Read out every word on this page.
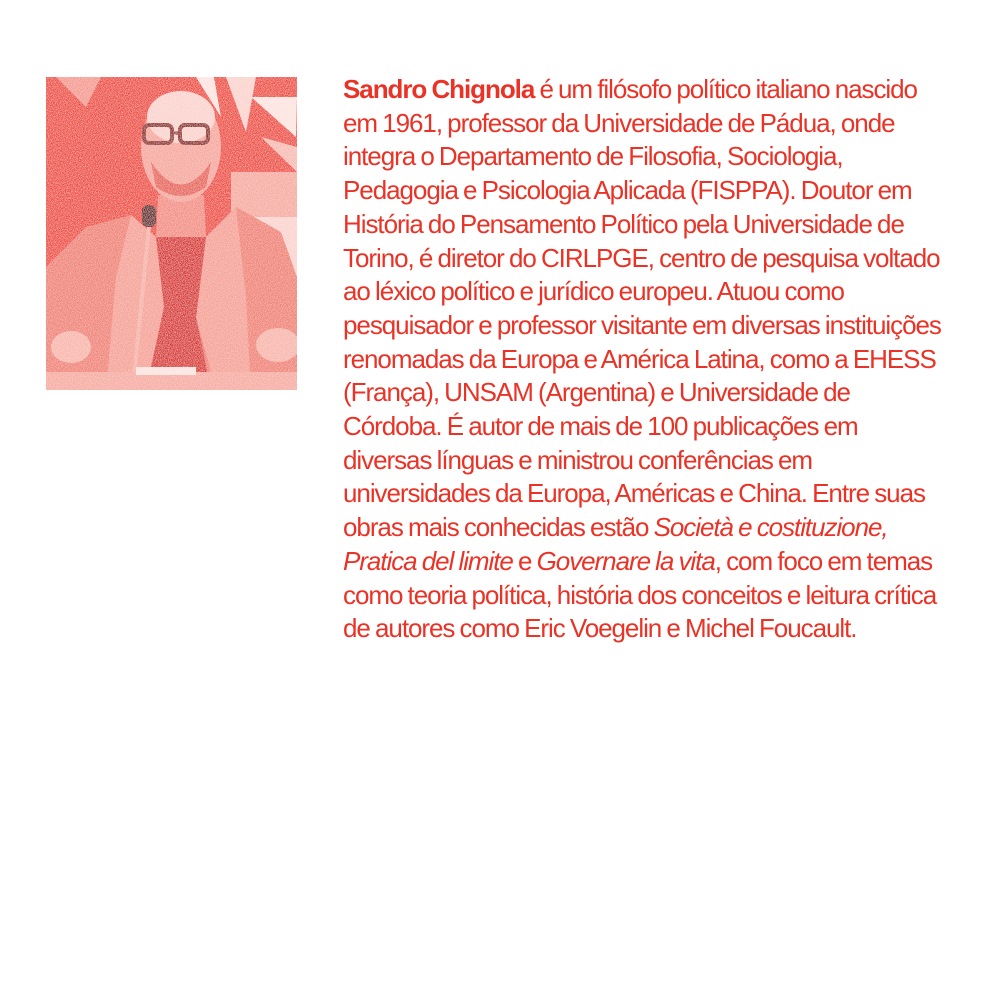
Sandro Chignola é um filósofo político italiano nascido em 1961, professor da Universidade de Pádua, onde integra o Departamento de Filosofia, Sociologia, Pedagogia e Psicologia Aplicada (FISPPA). Doutor em História do Pensamento Político pela Universidade de Torino, é diretor do CIRLPGE, centro de pesquisa voltado ao léxico político e jurídico europeu. Atuou como pesquisador e professor visitante em diversas instituições renomadas da Europa e América Latina, como a EHESS (França), UNSAM (Argentina) e Universidade de Córdoba. É autor de mais de 100 publicações em diversas línguas e ministrou conferências em universidades da Europa, Américas e China. Entre suas obras mais conhecidas estão Società e costituzione, Pratica del limite e Governare la vita, com foco em temas como teoria política, história dos conceitos e leitura crítica de autores como Eric Voegelin e Michel Foucault.
